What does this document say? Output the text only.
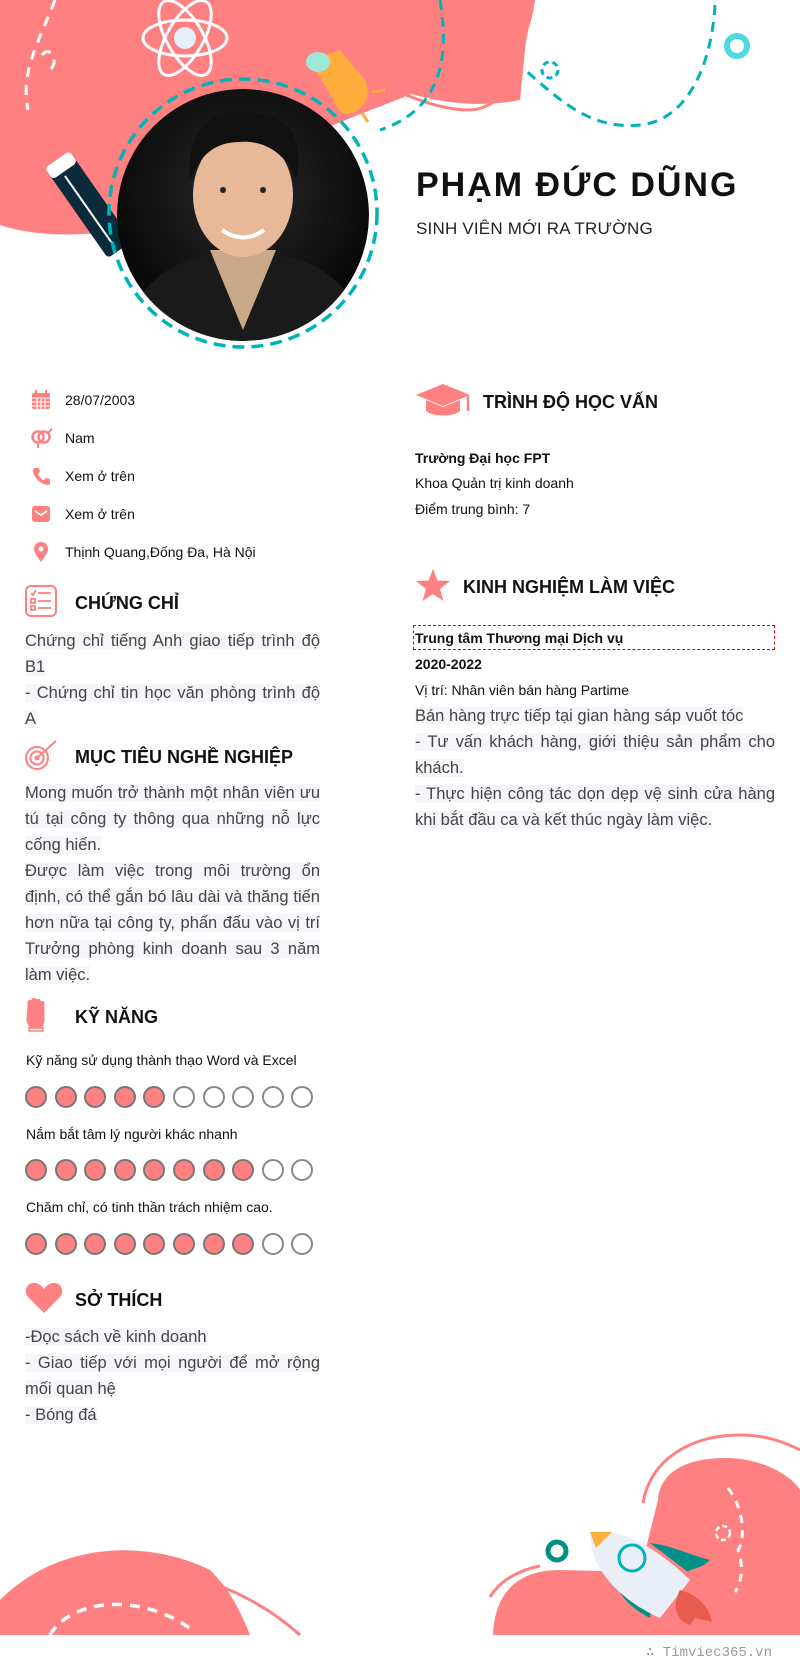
PHẠM ĐỨC DŨNG
SINH VIÊN MỚI RA TRƯỜNG
28/07/2003
Nam
Xem ở trên
Xem ở trên
Thịnh Quang,Đống Đa, Hà Nội
CHỨNG CHỈ
Chứng chỉ tiếng Anh giao tiếp trình độ B1
- Chứng chỉ tin học văn phòng trình độ A
MỤC TIÊU NGHỀ NGHIỆP
Mong muốn trở thành một nhân viên ưu tú tại công ty thông qua những nỗ lực cống hiến.
Được làm việc trong môi trường ổn định, có thể gắn bó lâu dài và thăng tiến hơn nữa tại công ty, phấn đấu vào vị trí Trưởng phòng kinh doanh sau 3 năm làm việc.
KỸ NĂNG
Kỹ năng sử dụng thành thạo Word và Excel
Nắm bắt tâm lý người khác nhanh
Chăm chỉ, có tinh thần trách nhiệm cao.
SỞ THÍCH
-Đọc sách về kinh doanh
- Giao tiếp với mọi người để mở rộng mối quan hệ
- Bóng đá
TRÌNH ĐỘ HỌC VẤN
Trường Đại học FPT
Khoa Quản trị kinh doanh
Điểm trung bình: 7
KINH NGHIỆM LÀM VIỆC
Trung tâm Thương mại Dịch vụ
2020-2022
Vị trí: Nhân viên bán hàng Partime
Bán hàng trực tiếp tại gian hàng sáp vuốt tóc
- Tư vấn khách hàng, giới thiệu sản phẩm cho khách.
- Thực hiện công tác dọn dẹp vệ sinh cửa hàng khi bắt đầu ca và kết thúc ngày làm việc.
∴ Timviec365.vn
